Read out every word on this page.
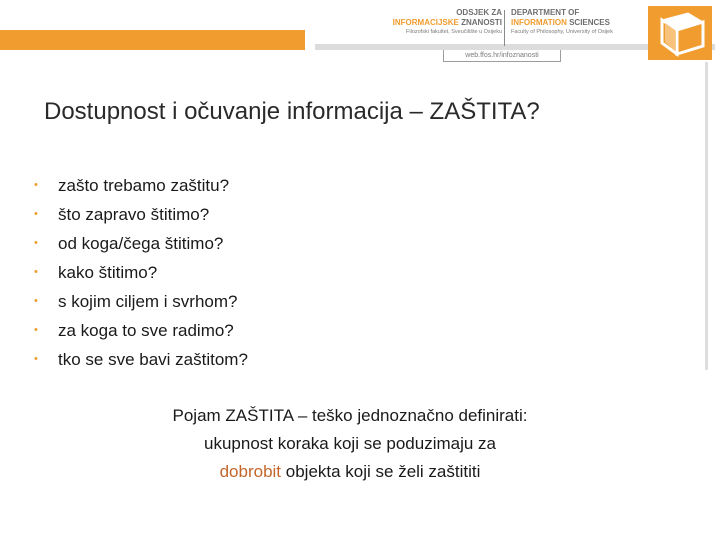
ODSJEK ZA
INFORMACIJSKE ZNANOSTI
Filozofski fakultet, Sveučilište u Osijeku
DEPARTMENT OF
INFORMATION SCIENCES
Faculty of Philosophy, University of Osijek
web.ffos.hr/infoznanosti
Dostupnost i očuvanje informacija – ZAŠTITA?
•	zašto trebamo zaštitu?
•	što zapravo štitimo?
•	od koga/čega štitimo?
•	kako štitimo?
•	s kojim ciljem i svrhom?
•	za koga to sve radimo?
•	tko se sve bavi zaštitom?
Pojam ZAŠTITA – teško jednoznačno definirati:
ukupnost koraka koji se poduzimaju za
dobrobit objekta koji se želi zaštititi
